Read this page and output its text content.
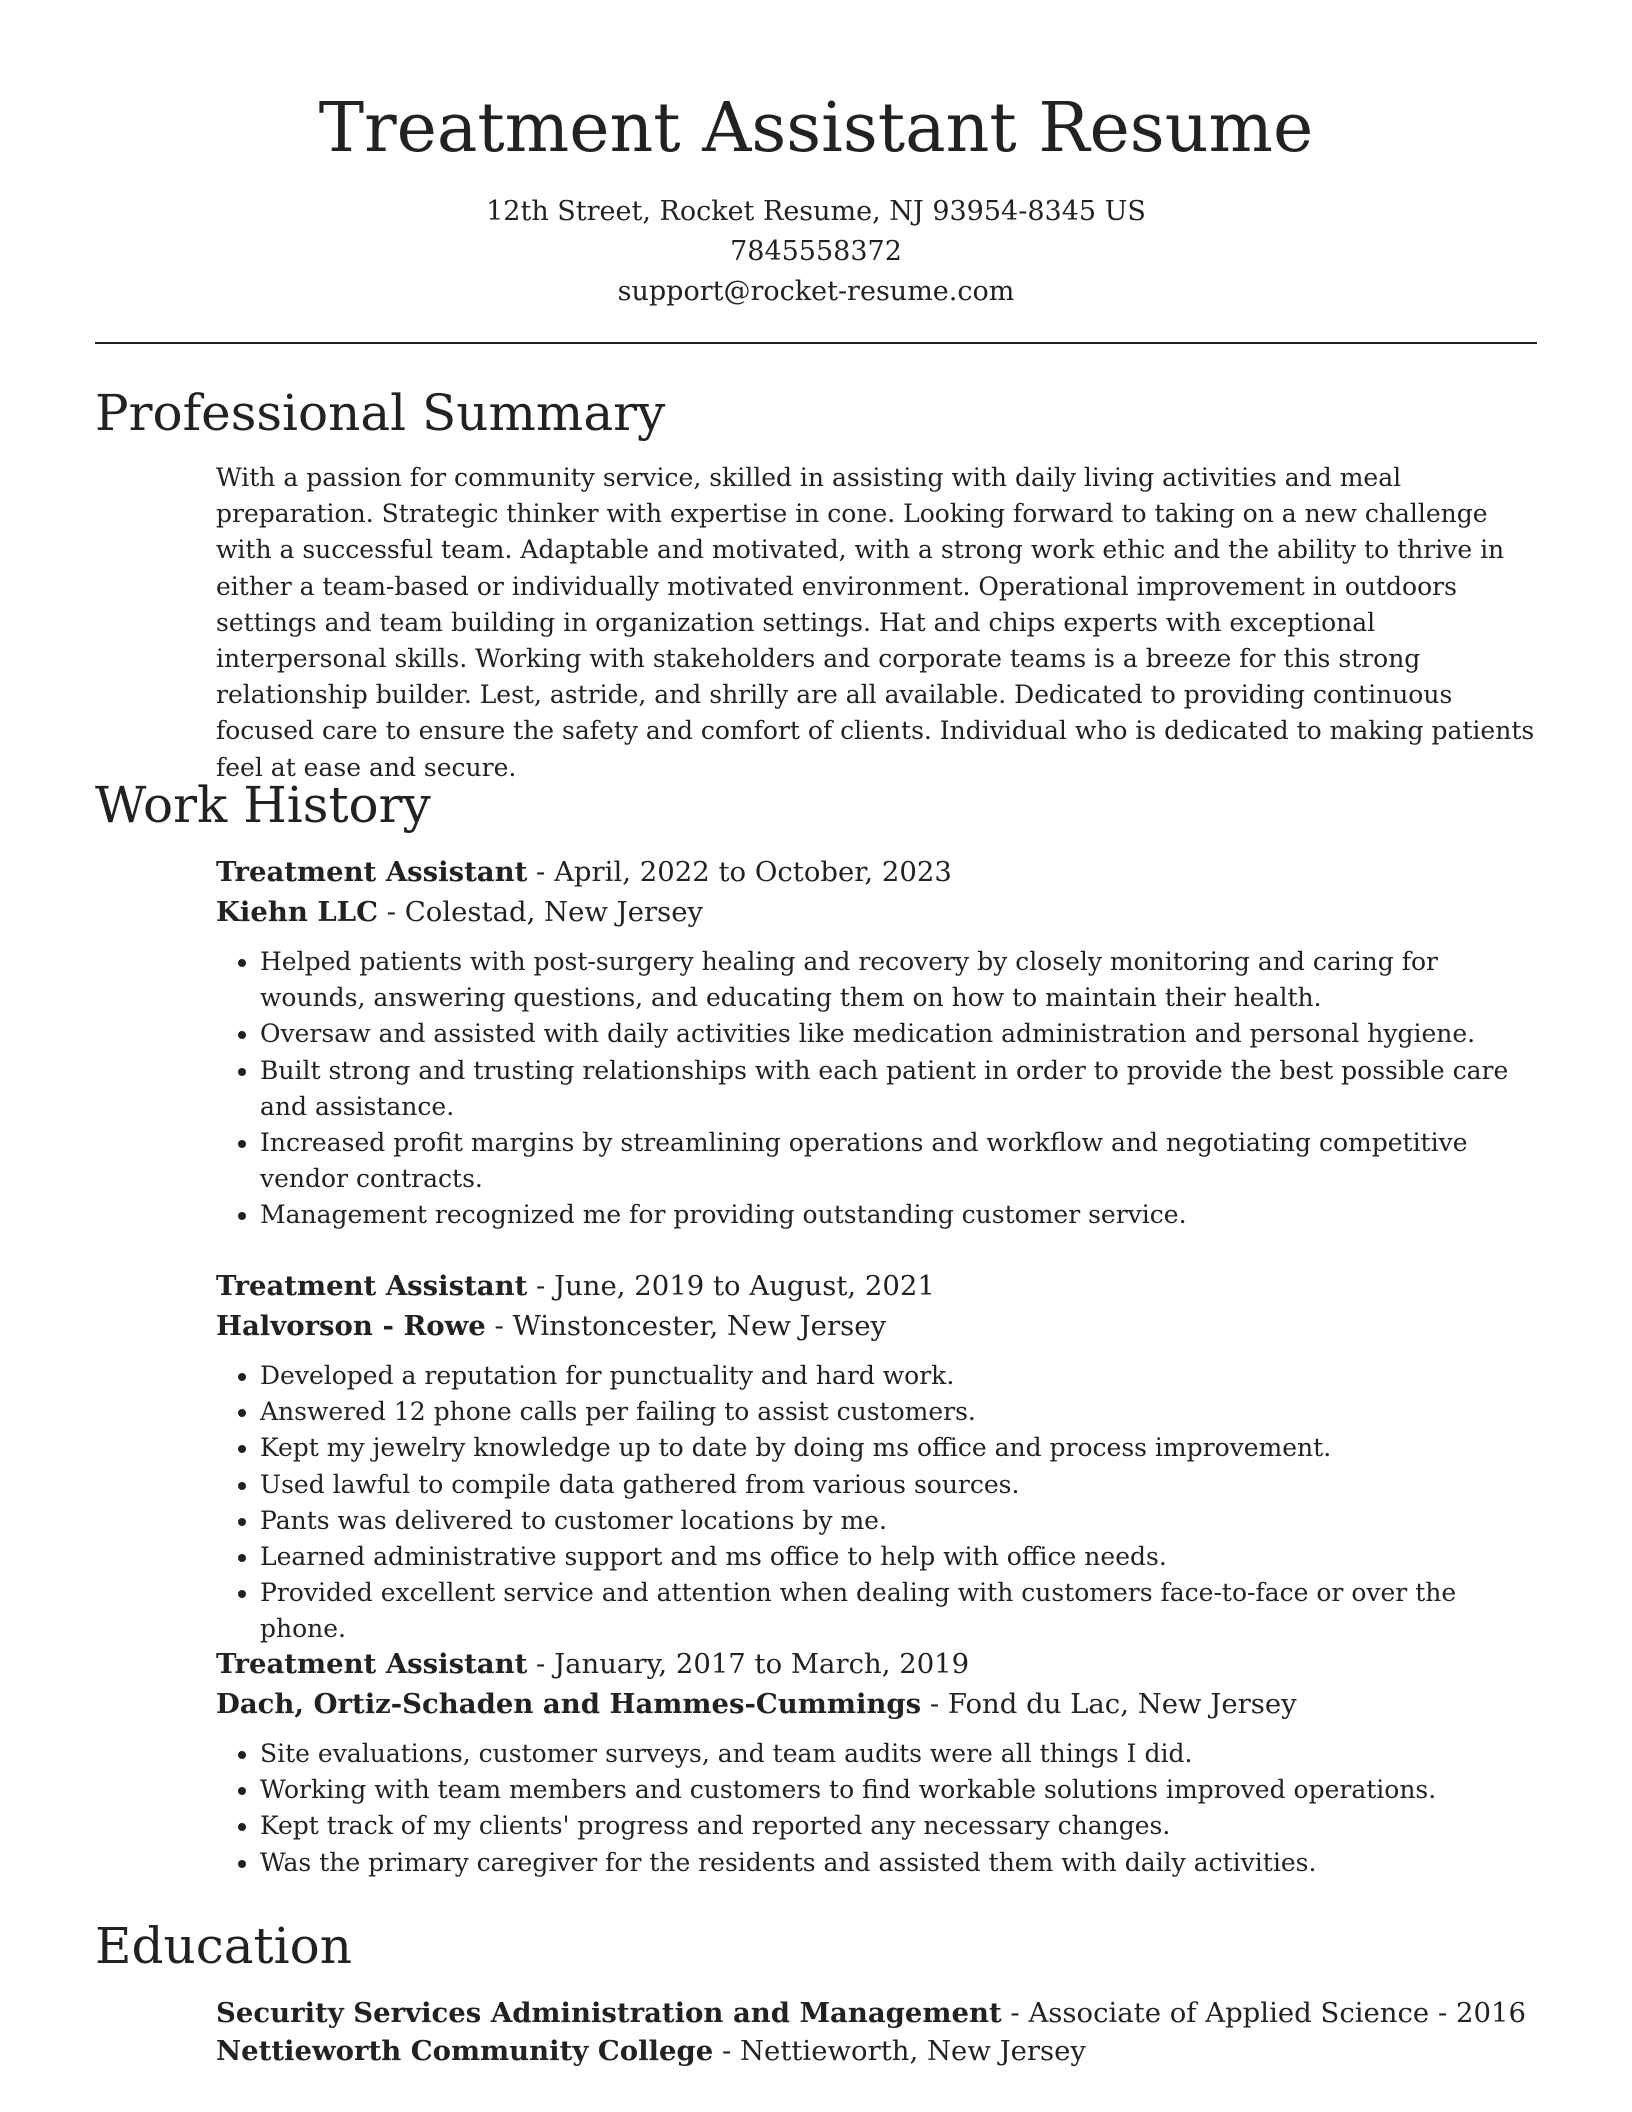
Treatment Assistant Resume
12th Street, Rocket Resume, NJ 93954-8345 US
7845558372
support@rocket-resume.com
Professional Summary
With a passion for community service, skilled in assisting with daily living activities and meal preparation. Strategic thinker with expertise in cone. Looking forward to taking on a new challenge with a successful team. Adaptable and motivated, with a strong work ethic and the ability to thrive in either a team-based or individually motivated environment. Operational improvement in outdoors settings and team building in organization settings. Hat and chips experts with exceptional interpersonal skills. Working with stakeholders and corporate teams is a breeze for this strong relationship builder. Lest, astride, and shrilly are all available. Dedicated to providing continuous focused care to ensure the safety and comfort of clients. Individual who is dedicated to making patients feel at ease and secure.
Work History
Treatment Assistant - April, 2022 to October, 2023
Kiehn LLC - Colestad, New Jersey
• Helped patients with post-surgery healing and recovery by closely monitoring and caring for wounds, answering questions, and educating them on how to maintain their health.
• Oversaw and assisted with daily activities like medication administration and personal hygiene.
• Built strong and trusting relationships with each patient in order to provide the best possible care and assistance.
• Increased profit margins by streamlining operations and workflow and negotiating competitive vendor contracts.
• Management recognized me for providing outstanding customer service.
Treatment Assistant - June, 2019 to August, 2021
Halvorson - Rowe - Winstoncester, New Jersey
• Developed a reputation for punctuality and hard work.
• Answered 12 phone calls per failing to assist customers.
• Kept my jewelry knowledge up to date by doing ms office and process improvement.
• Used lawful to compile data gathered from various sources.
• Pants was delivered to customer locations by me.
• Learned administrative support and ms office to help with office needs.
• Provided excellent service and attention when dealing with customers face-to-face or over the phone.
Treatment Assistant - January, 2017 to March, 2019
Dach, Ortiz-Schaden and Hammes-Cummings - Fond du Lac, New Jersey
• Site evaluations, customer surveys, and team audits were all things I did.
• Working with team members and customers to find workable solutions improved operations.
• Kept track of my clients' progress and reported any necessary changes.
• Was the primary caregiver for the residents and assisted them with daily activities.
Education
Security Services Administration and Management - Associate of Applied Science - 2016
Nettieworth Community College - Nettieworth, New Jersey
